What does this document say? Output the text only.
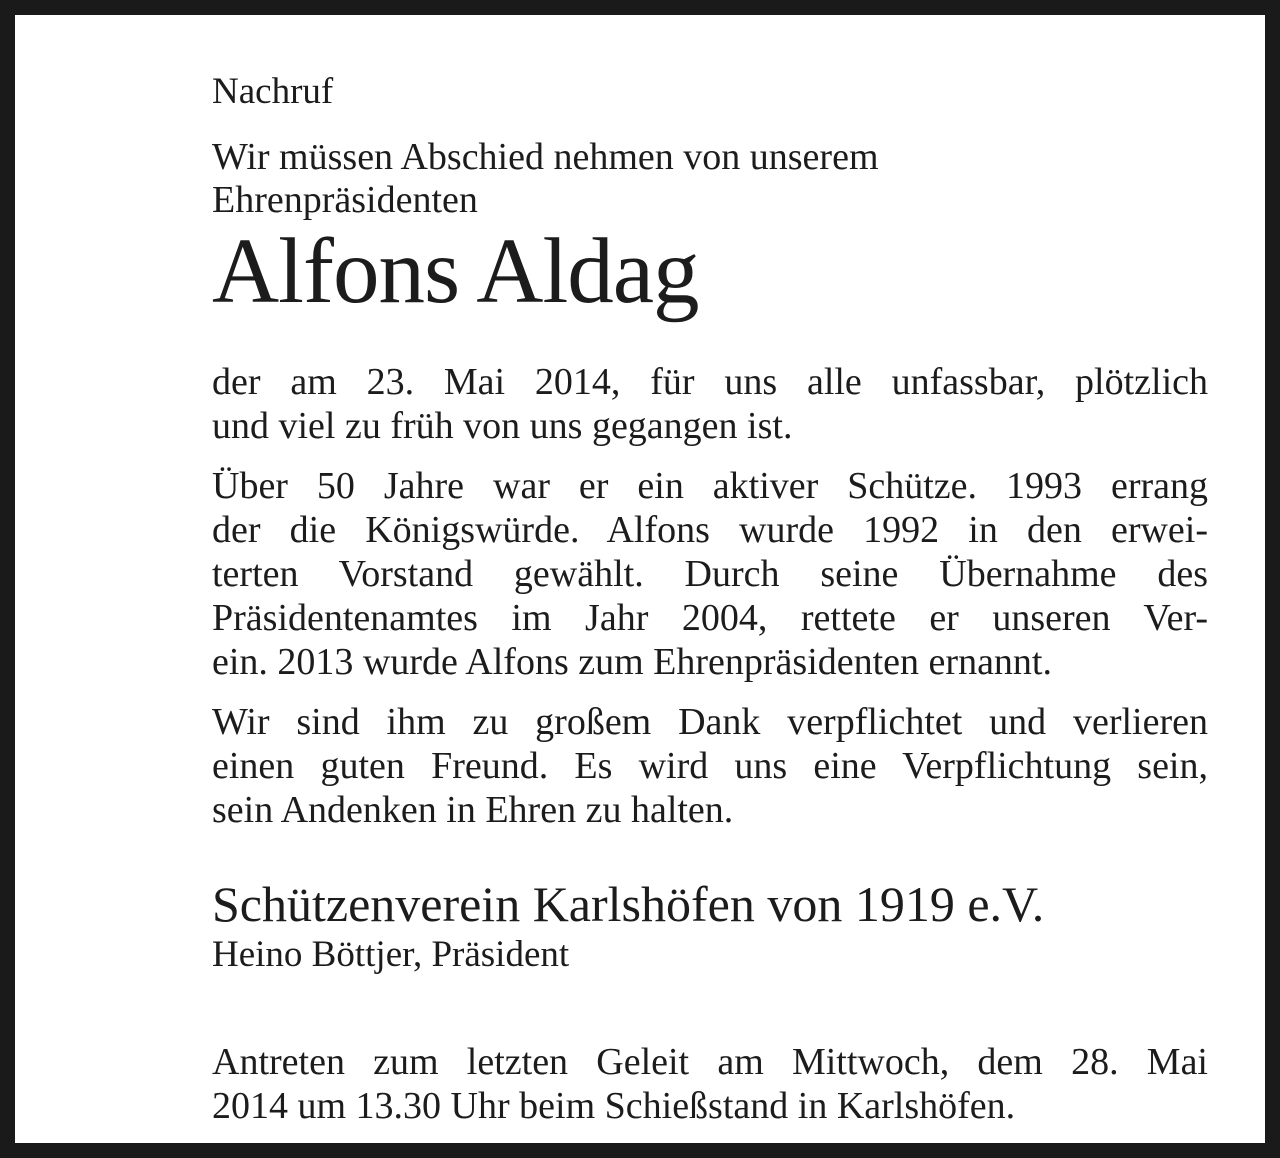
Nachruf

Wir müssen Abschied nehmen von unserem
Ehrenpräsidenten

Alfons Aldag

der am 23. Mai 2014, für uns alle unfassbar, plötzlich
und viel zu früh von uns gegangen ist.

Über 50 Jahre war er ein aktiver Schütze. 1993 errang
der die Königswürde. Alfons wurde 1992 in den erwei-
terten Vorstand gewählt. Durch seine Übernahme des
Präsidentenamtes im Jahr 2004, rettete er unseren Ver-
ein. 2013 wurde Alfons zum Ehrenpräsidenten ernannt.

Wir sind ihm zu großem Dank verpflichtet und verlieren
einen guten Freund. Es wird uns eine Verpflichtung sein,
sein Andenken in Ehren zu halten.

Schützenverein Karlshöfen von 1919 e.V.

Heino Böttjer, Präsident

Antreten zum letzten Geleit am Mittwoch, dem 28. Mai
2014 um 13.30 Uhr beim Schießstand in Karlshöfen.
